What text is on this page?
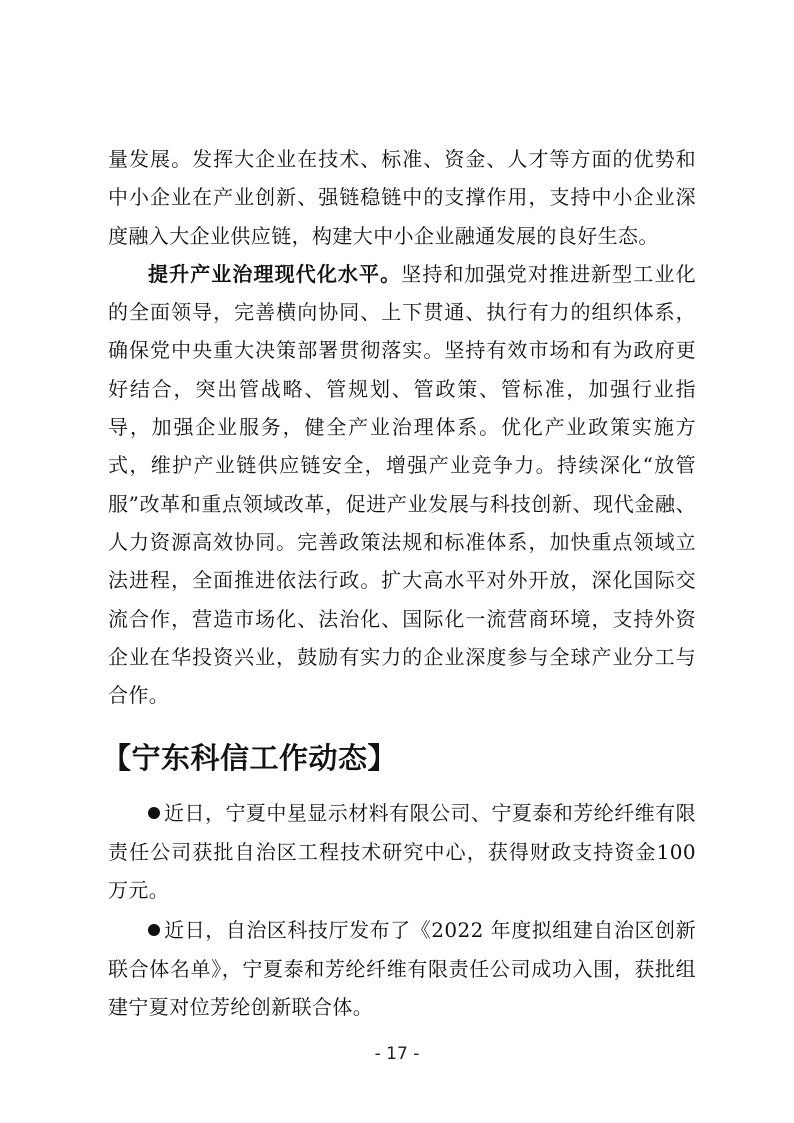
量发展。发挥大企业在技术、标准、资金、人才等方面的优势和中小企业在产业创新、强链稳链中的支撑作用，支持中小企业深度融入大企业供应链，构建大中小企业融通发展的良好生态。

提升产业治理现代化水平。坚持和加强党对推进新型工业化的全面领导，完善横向协同、上下贯通、执行有力的组织体系，确保党中央重大决策部署贯彻落实。坚持有效市场和有为政府更好结合，突出管战略、管规划、管政策、管标准，加强行业指导，加强企业服务，健全产业治理体系。优化产业政策实施方式，维护产业链供应链安全，增强产业竞争力。持续深化“放管服”改革和重点领域改革，促进产业发展与科技创新、现代金融、人力资源高效协同。完善政策法规和标准体系，加快重点领域立法进程，全面推进依法行政。扩大高水平对外开放，深化国际交流合作，营造市场化、法治化、国际化一流营商环境，支持外资企业在华投资兴业，鼓励有实力的企业深度参与全球产业分工与合作。

【宁东科信工作动态】

近日，宁夏中星显示材料有限公司、宁夏泰和芳纶纤维有限责任公司获批自治区工程技术研究中心，获得财政支持资金100 万元。

近日，自治区科技厅发布了《2022 年度拟组建自治区创新联合体名单》，宁夏泰和芳纶纤维有限责任公司成功入围，获批组建宁夏对位芳纶创新联合体。

- 17 -
